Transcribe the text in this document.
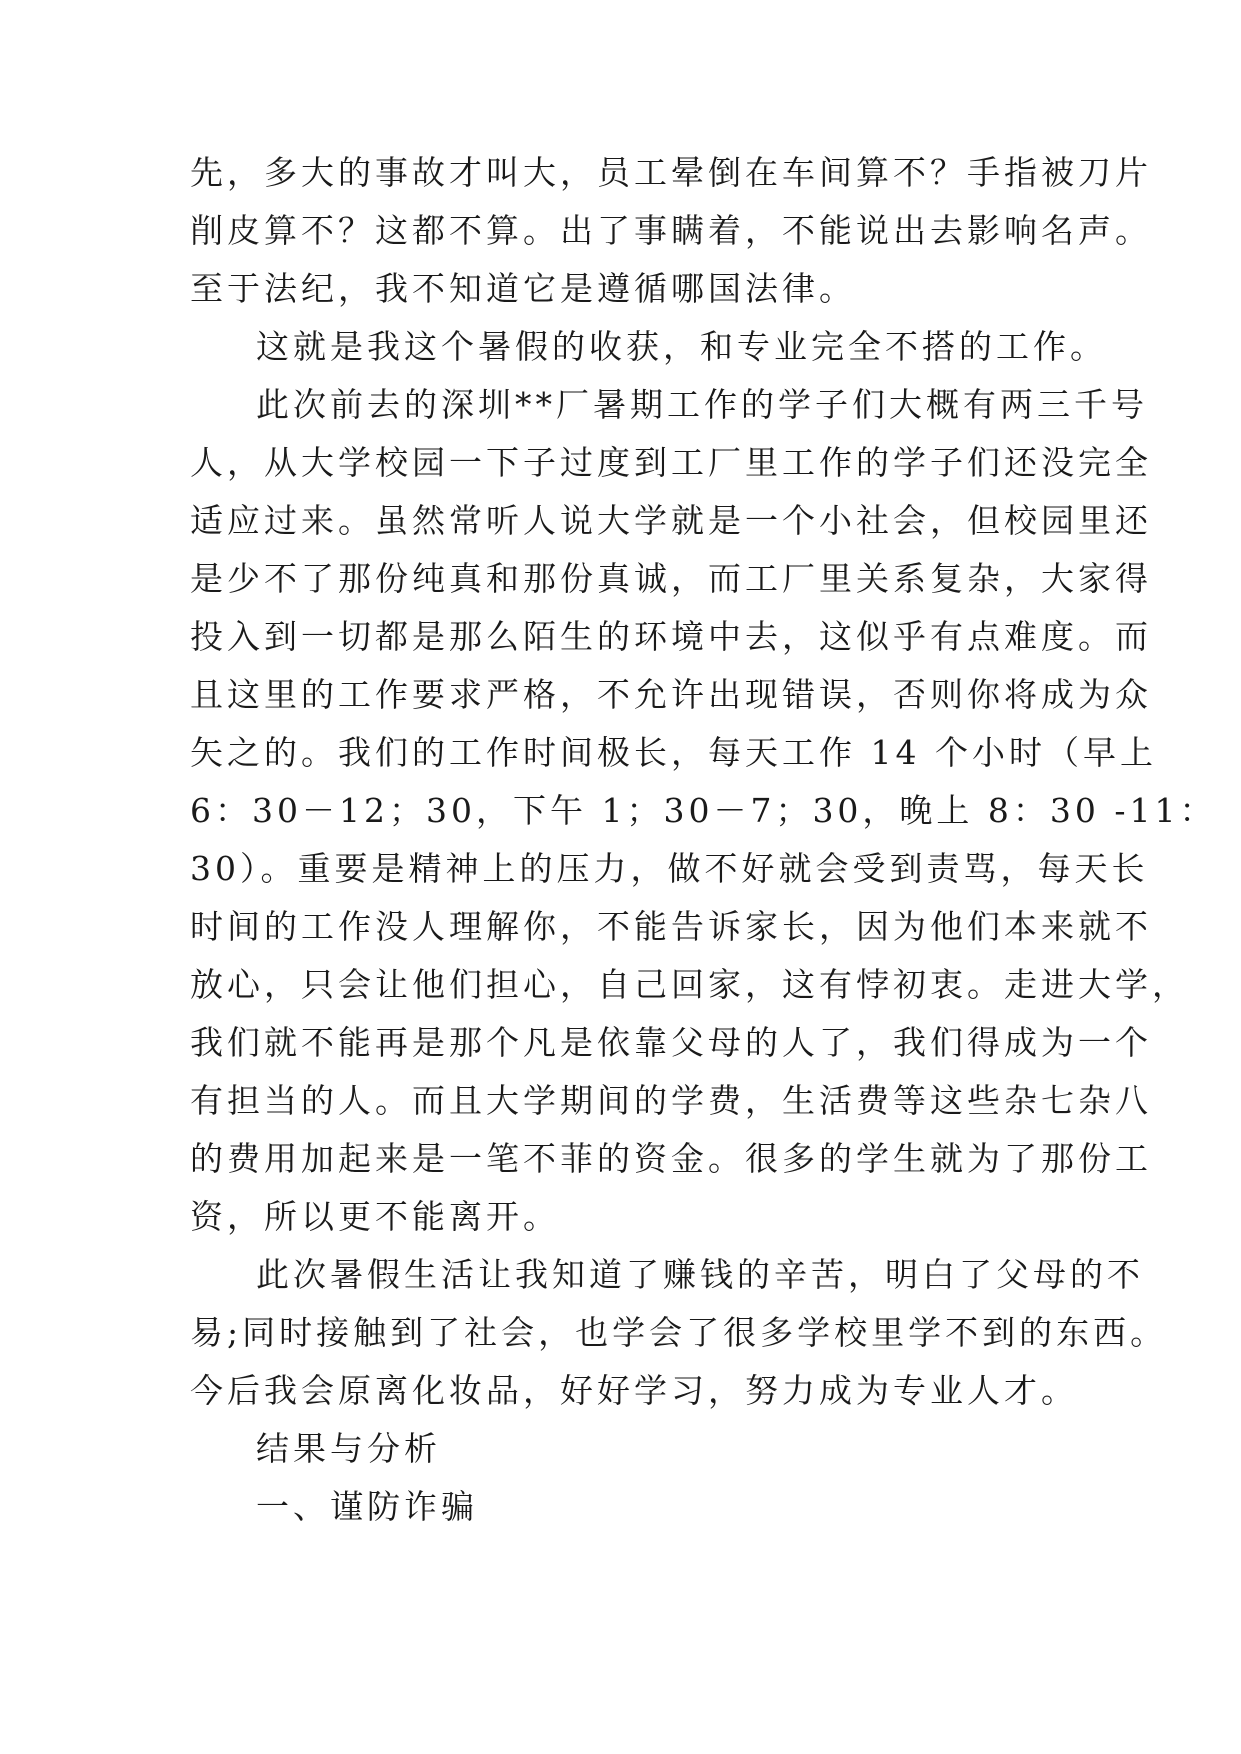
先，多大的事故才叫大，员工晕倒在车间算不？手指被刀片
削皮算不？这都不算。出了事瞒着，不能说出去影响名声。
至于法纪，我不知道它是遵循哪国法律。
这就是我这个暑假的收获，和专业完全不搭的工作。
此次前去的深圳**厂暑期工作的学子们大概有两三千号
人，从大学校园一下子过度到工厂里工作的学子们还没完全
适应过来。虽然常听人说大学就是一个小社会，但校园里还
是少不了那份纯真和那份真诚，而工厂里关系复杂，大家得
投入到一切都是那么陌生的环境中去，这似乎有点难度。而
且这里的工作要求严格，不允许出现错误，否则你将成为众
矢之的。我们的工作时间极长，每天工作 14 个小时（早上
6：30－12；30，下午 1；30－7；30，晚上 8：30 -11：
30）。重要是精神上的压力，做不好就会受到责骂，每天长
时间的工作没人理解你，不能告诉家长，因为他们本来就不
放心，只会让他们担心，自己回家，这有悖初衷。走进大学，
我们就不能再是那个凡是依靠父母的人了，我们得成为一个
有担当的人。而且大学期间的学费，生活费等这些杂七杂八
的费用加起来是一笔不菲的资金。很多的学生就为了那份工
资，所以更不能离开。
此次暑假生活让我知道了赚钱的辛苦，明白了父母的不
易;同时接触到了社会，也学会了很多学校里学不到的东西。
今后我会原离化妆品，好好学习，努力成为专业人才。
结果与分析
一、谨防诈骗
